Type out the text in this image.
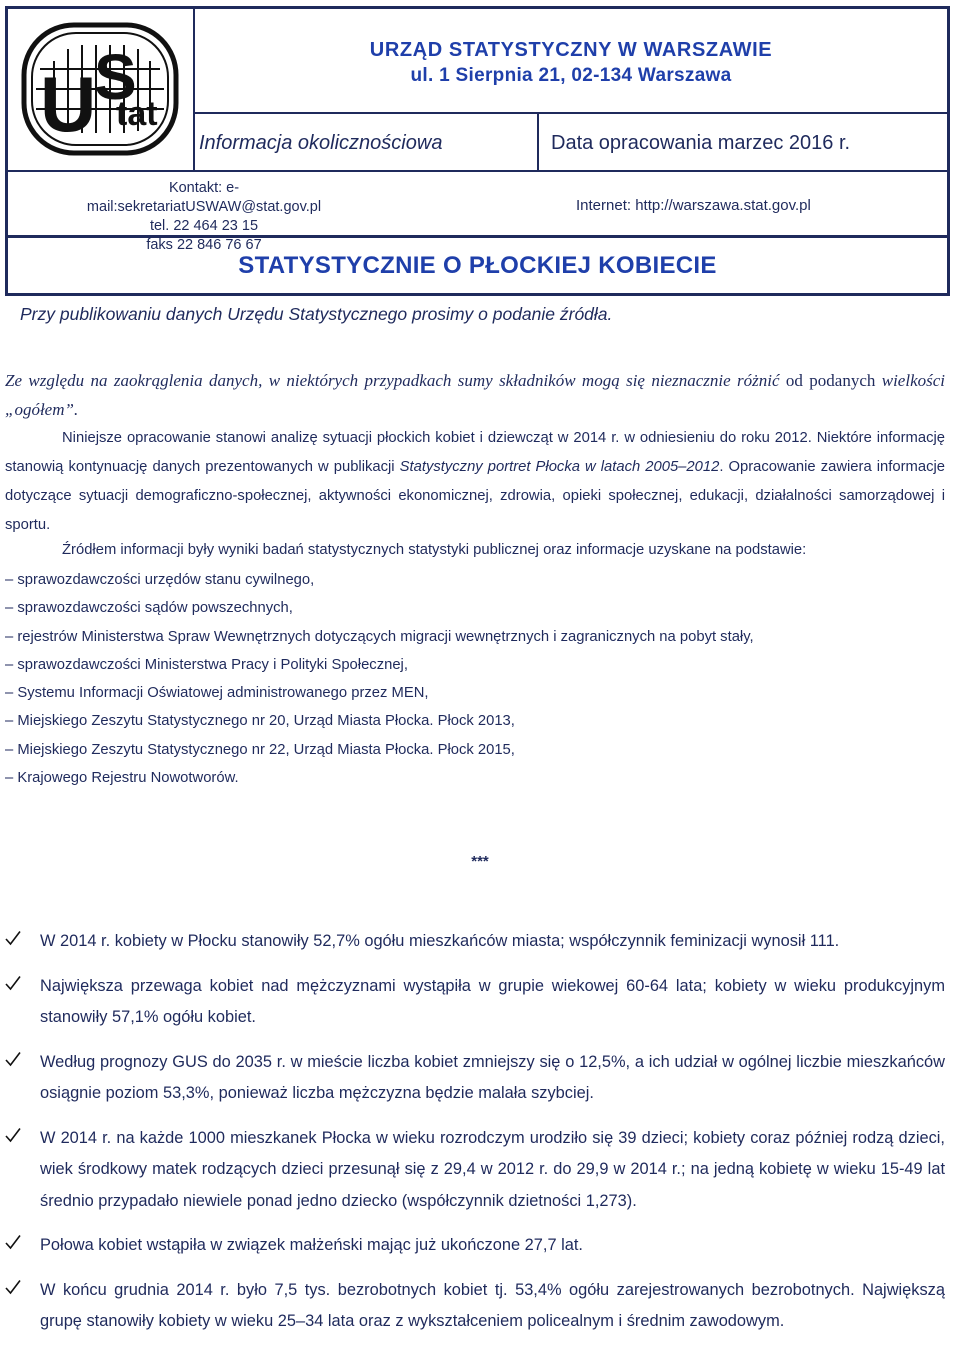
U
S
tat
URZĄD STATYSTYCZNY W WARSZAWIE
ul. 1 Sierpnia 21, 02-134 Warszawa
Informacja okolicznościowa	Data opracowania marzec 2016 r.
Kontakt: e-mail:sekretariatUSWAW@stat.gov.pl
tel. 22 464 23 15
faks 22 846 76 67
Internet: http://warszawa.stat.gov.pl
STATYSTYCZNIE O PŁOCKIEJ KOBIECIE
Przy publikowaniu danych Urzędu Statystycznego prosimy o podanie źródła.
Ze względu na zaokrąglenia danych, w niektórych przypadkach sumy składników mogą się nieznacznie różnić od podanych wielkości „ogółem”.
Niniejsze opracowanie stanowi analizę sytuacji płockich kobiet i dziewcząt w 2014 r. w odniesieniu do roku 2012. Niektóre informację stanowią kontynuację danych prezentowanych w publikacji Statystyczny portret Płocka w latach 2005–2012. Opracowanie zawiera informacje dotyczące sytuacji demograficzno-społecznej, aktywności ekonomicznej, zdrowia, opieki społecznej, edukacji, działalności samorządowej i sportu.
Źródłem informacji były wyniki badań statystycznych statystyki publicznej oraz informacje uzyskane na podstawie:
– sprawozdawczości urzędów stanu cywilnego,
– sprawozdawczości sądów powszechnych,
– rejestrów Ministerstwa Spraw Wewnętrznych dotyczących migracji wewnętrznych i zagranicznych na pobyt stały,
– sprawozdawczości Ministerstwa Pracy i Polityki Społecznej,
– Systemu Informacji Oświatowej administrowanego przez MEN,
– Miejskiego Zeszytu Statystycznego nr 20, Urząd Miasta Płocka. Płock 2013,
– Miejskiego Zeszytu Statystycznego nr 22, Urząd Miasta Płocka. Płock 2015,
– Krajowego Rejestru Nowotworów.
***
W 2014 r. kobiety w Płocku stanowiły 52,7% ogółu mieszkańców miasta; współczynnik feminizacji wynosił 111.
Największa przewaga kobiet nad mężczyznami wystąpiła w grupie wiekowej 60-64 lata; kobiety w wieku produkcyjnym stanowiły 57,1% ogółu kobiet.
Według prognozy GUS do 2035 r. w mieście liczba kobiet zmniejszy się o 12,5%, a ich udział w ogólnej liczbie mieszkańców osiągnie poziom 53,3%, ponieważ liczba mężczyzna będzie malała szybciej.
W 2014 r. na każde 1000 mieszkanek Płocka w wieku rozrodczym urodziło się 39 dzieci; kobiety coraz później rodzą dzieci, wiek środkowy matek rodzących dzieci przesunął się z 29,4 w 2012 r. do 29,9 w 2014 r.; na jedną kobietę w wieku 15-49 lat średnio przypadało niewiele ponad jedno dziecko (współczynnik dzietności 1,273).
Połowa kobiet wstąpiła w związek małżeński mając już ukończone 27,7 lat.
W końcu grudnia 2014 r. było 7,5 tys. bezrobotnych kobiet tj. 53,4% ogółu zarejestrowanych bezrobotnych. Największą grupę stanowiły kobiety w wieku 25–34 lata oraz z wykształceniem policealnym i średnim zawodowym.
